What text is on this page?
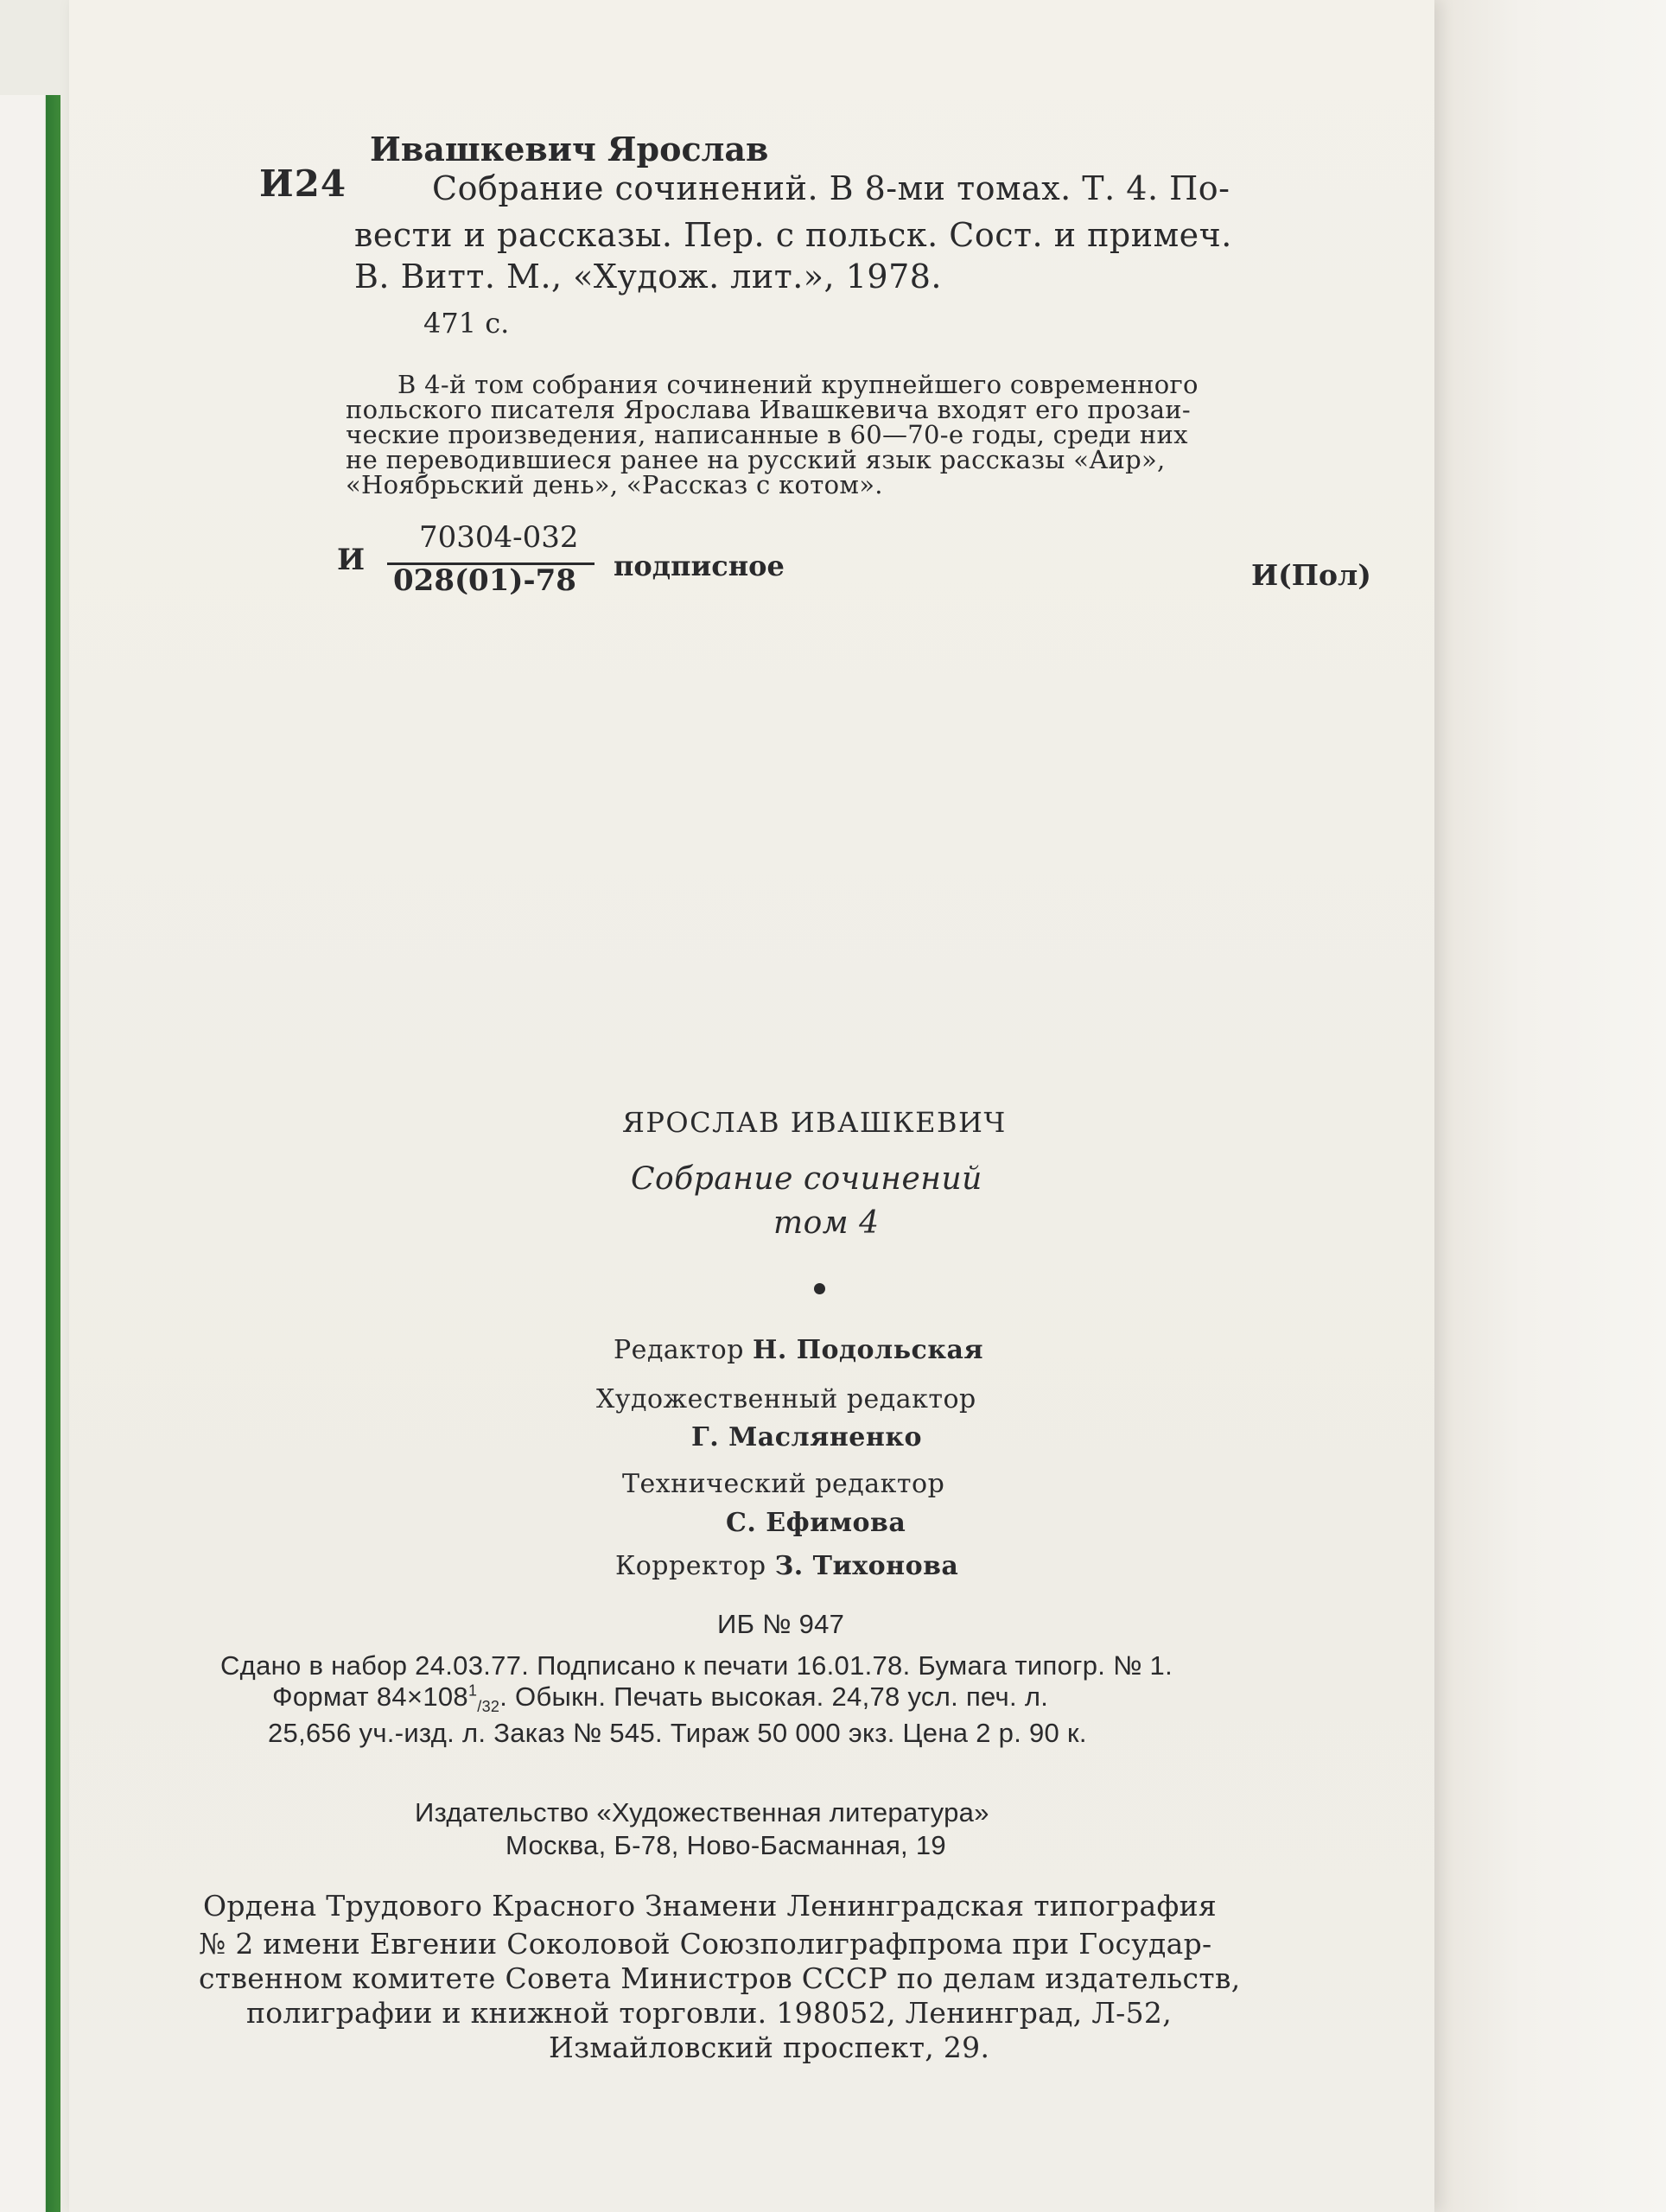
Ивашкевич Ярослав
И24	Собрание сочинений. В 8-ми томах. Т. 4. По-
вести и рассказы. Пер. с польск. Сост. и примеч.
В. Витт. М., «Худож. лит.», 1978.
471 с.
В 4-й том собрания сочинений крупнейшего современного
польского писателя Ярослава Ивашкевича входят его прозаи-
ческие произведения, написанные в 60—70-е годы, среди них
не переводившиеся ранее на русский язык рассказы «Аир»,
«Ноябрьский день», «Рассказ с котом».
И
70304-032
028(01)-78 подписное	И(Пол)
ЯРОСЛАВ ИВАШКЕВИЧ
Собрание сочинений
том 4
Редактор Н. Подольская
Художественный редактор
Г. Масляненко
Технический редактор
С. Ефимова
Корректор З. Тихонова
ИБ № 947
Сдано в набор 24.03.77. Подписано к печати 16.01.78. Бумага типогр. № 1.
Формат $84\times 108^1_{/32}$. Обыкн. Печать высокая. 24,78 усл. печ. л.
25,656 уч.-изд. л. Заказ № 545. Тираж 50 000 экз. Цена 2 р. 90 к.
Издательство «Художественная литература»
Москва, Б-78, Ново-Басманная, 19
Ордена Трудового Красного Знамени Ленинградская типография
№ 2 имени Евгении Соколовой Союзполиграфпрома при Государ-
ственном комитете Совета Министров СССР по делам издательств,
полиграфии и книжной торговли. 198052, Ленинград, Л-52,
Измайловский проспект, 29.
